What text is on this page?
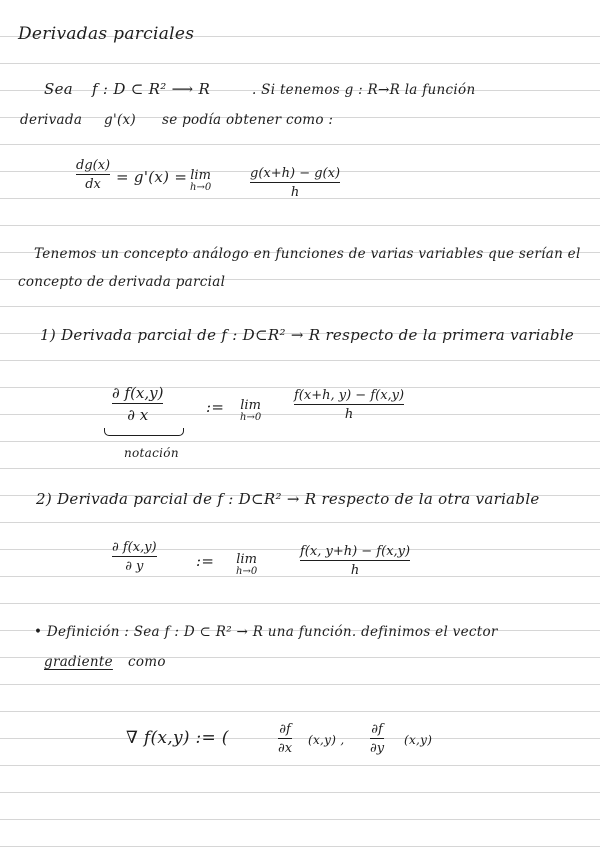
Derivadas parciales
Sea f : D ⊂ R² ⟶ R	. Si tenemos g : R→R la función
derivada g'(x) se podía obtener como :
dg(x)
dx = g'(x) = lim
h→0
g(x+h) − g(x)
h
Tenemos un concepto análogo en funciones de varias variables que serían el
concepto de derivada parcial
1) Derivada parcial de f : D⊂R² → R respecto de la primera variable
∂ f(x,y)
∂ x
notación
:= lim
h→0
f(x+h, y) − f(x,y)
h
2) Derivada parcial de f : D⊂R² → R respecto de la otra variable
∂ f(x,y)
∂ y	:= lim
h→0
f(x, y+h) − f(x,y)
h
• Definición : Sea f : D ⊂ R² → R una función. definimos el vector
gradiente como
∇ f(x,y) := (	∂f
∂x
(x,y) ,
∂f
∂y
(x,y)
